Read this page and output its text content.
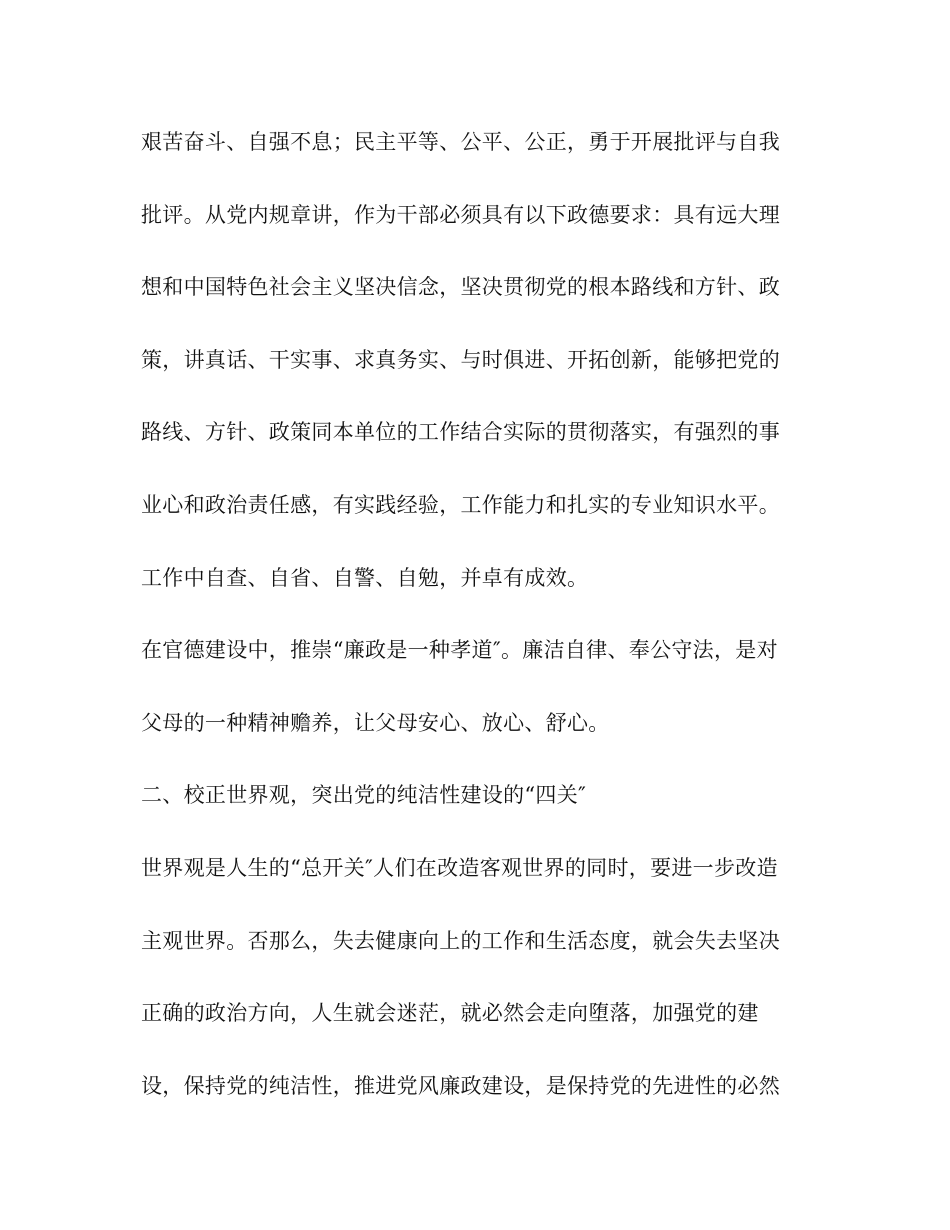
艰苦奋斗、自强不息；民主平等、公平、公正，勇于开展批评与自我
批评。从党内规章讲，作为干部必须具有以下政德要求：具有远大理
想和中国特色社会主义坚决信念，坚决贯彻党的根本路线和方针、政
策，讲真话、干实事、求真务实、与时俱进、开拓创新，能够把党的
路线、方针、政策同本单位的工作结合实际的贯彻落实，有强烈的事
业心和政治责任感，有实践经验，工作能力和扎实的专业知识水平。
工作中自查、自省、自警、自勉，并卓有成效。
在官德建设中，推崇“廉政是一种孝道″。廉洁自律、奉公守法，是对
父母的一种精神赡养，让父母安心、放心、舒心。
二、校正世界观，突出党的纯洁性建设的“四关″
世界观是人生的“总开关″人们在改造客观世界的同时，要进一步改造
主观世界。否那么，失去健康向上的工作和生活态度，就会失去坚决
正确的政治方向，人生就会迷茫，就必然会走向堕落，加强党的建
设，保持党的纯洁性，推进党风廉政建设，是保持党的先进性的必然
